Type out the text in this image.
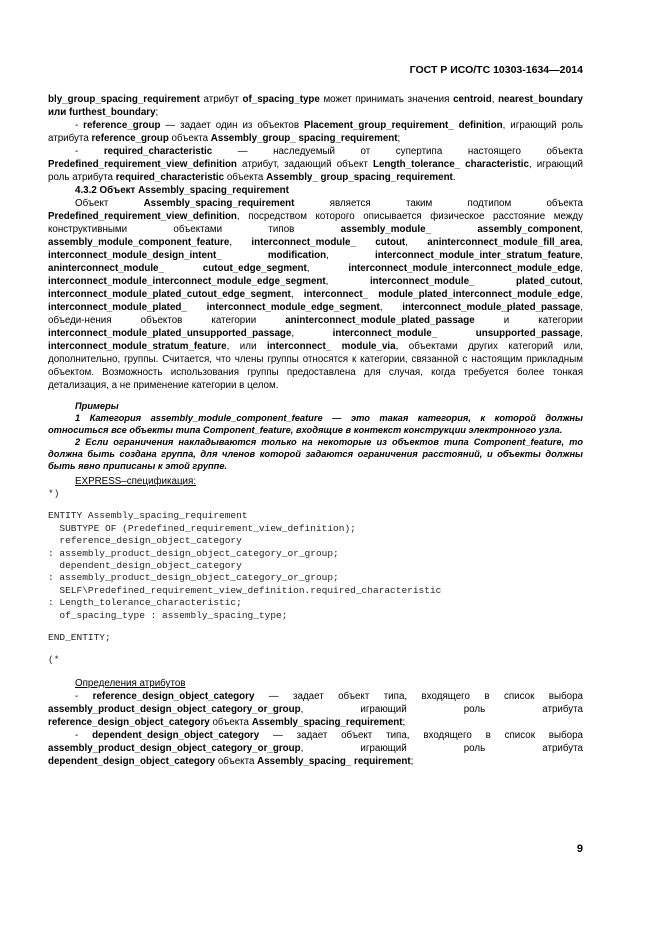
ГОСТ Р ИСО/ТС 10303-1634—2014

bly_group_spacing_requirement атрибут of_spacing_type может принимать значения centroid, nearest_boundary или furthest_boundary;

- reference_group — задает один из объектов Placement_group_requirement_ definition, играющий роль атрибута reference_group объекта Assembly_group_ spacing_requirement;

- required_characteristic — наследуемый от супертипа настоящего объекта Predefined_requirement_view_definition атрибут, задающий объект Length_tolerance_ characteristic, играющий роль атрибута required_characteristic объекта Assembly_ group_spacing_requirement.

4.3.2 Объект Assembly_spacing_requirement

Объект Assembly_spacing_requirement является таким подтипом объекта Predefined_requirement_view_definition, посредством которого описывается физическое расстояние между конструктивными объектами типов assembly_module_	assembly_component, assembly_module_component_feature, interconnect_module_ cutout, aninterconnect_module_fill_area, interconnect_module_design_intent_ modification, interconnect_module_inter_stratum_feature, aninterconnect_module_ cutout_edge_segment, interconnect_module_interconnect_module_edge, interconnect_module_interconnect_module_edge_segment, interconnect_module_ plated_cutout, interconnect_module_plated_cutout_edge_segment, interconnect_ module_plated_interconnect_module_edge, interconnect_module_plated_ interconnect_module_edge_segment, interconnect_module_plated_passage, объеди-нения объектов категории aninterconnect_module_plated_passage и категории interconnect_module_plated_unsupported_passage, interconnect_module_ unsupported_passage, interconnect_module_stratum_feature, или interconnect_ module_via, объектами других категорий или, дополнительно, группы. Считается, что члены группы относятся к категории, связанной с настоящим прикладным объектом. Возможность использования группы предоставлена для случая, когда требуется более тонкая детализация, а не применение категории в целом.

Примеры

1 Категория assembly_module_component_feature — это такая категория, к которой должны относиться все объекты типа Component_feature, входящие в контекст конструкции электронного узла.

2 Если ограничения накладываются только на некоторые из объектов типа Component_feature, то должна быть создана группа, для членов которой задаются ограничения расстояний, и объекты должны быть явно приписаны к этой группе.

EXPRESS–спецификация:

*)
ENTITY Assembly_spacing_requirement
SUBTYPE OF (Predefined_requirement_view_definition);
reference_design_object_category
: assembly_product_design_object_category_or_group;
dependent_design_object_category
: assembly_product_design_object_category_or_group;
SELF\Predefined_requirement_view_definition.required_characteristic
: Length_tolerance_characteristic;
of_spacing_type : assembly_spacing_type;
END_ENTITY;
(*

Определения атрибутов

- reference_design_object_category — задает объект типа, входящего в список выбора assembly_product_design_object_category_or_group, играющий роль атрибута reference_design_object_category объекта Assembly_spacing_requirement;

- dependent_design_object_category — задает объект типа, входящего в список выбора assembly_product_design_object_category_or_group, играющий роль атрибута dependent_design_object_category объекта Assembly_spacing_ requirement;

9
